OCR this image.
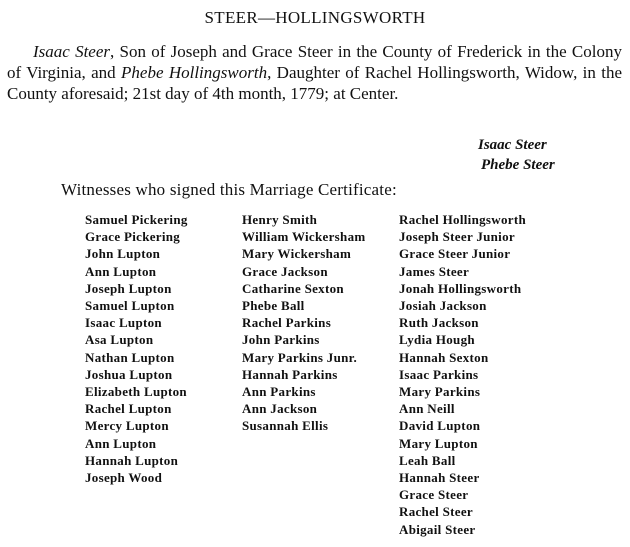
STEER—HOLLINGSWORTH

Isaac Steer, Son of Joseph and Grace Steer in the County of Frederick in the Colony of Virginia, and Phebe Hollingsworth, Daughter of Rachel Hollingsworth, Widow, in the County aforesaid; 21st day of 4th month, 1779; at Center.

Isaac Steer
Phebe Steer
Witnesses who signed this Marriage Certificate:
Samuel Pickering
Grace Pickering
John Lupton
Ann Lupton
Joseph Lupton
Samuel Lupton
Isaac Lupton
Asa Lupton
Nathan Lupton
Joshua Lupton
Elizabeth Lupton
Rachel Lupton
Mercy Lupton
Ann Lupton
Hannah Lupton
Joseph Wood
Henry Smith
William Wickersham
Mary Wickersham
Grace Jackson
Catharine Sexton
Phebe Ball
Rachel Parkins
John Parkins
Mary Parkins Junr.
Hannah Parkins
Ann Parkins
Ann Jackson
Susannah Ellis
Rachel Hollingsworth
Joseph Steer Junior
Grace Steer Junior
James Steer
Jonah Hollingsworth
Josiah Jackson
Ruth Jackson
Lydia Hough
Hannah Sexton
Isaac Parkins
Mary Parkins
Ann Neill
David Lupton
Mary Lupton
Leah Ball
Hannah Steer
Grace Steer
Rachel Steer
Abigail Steer
